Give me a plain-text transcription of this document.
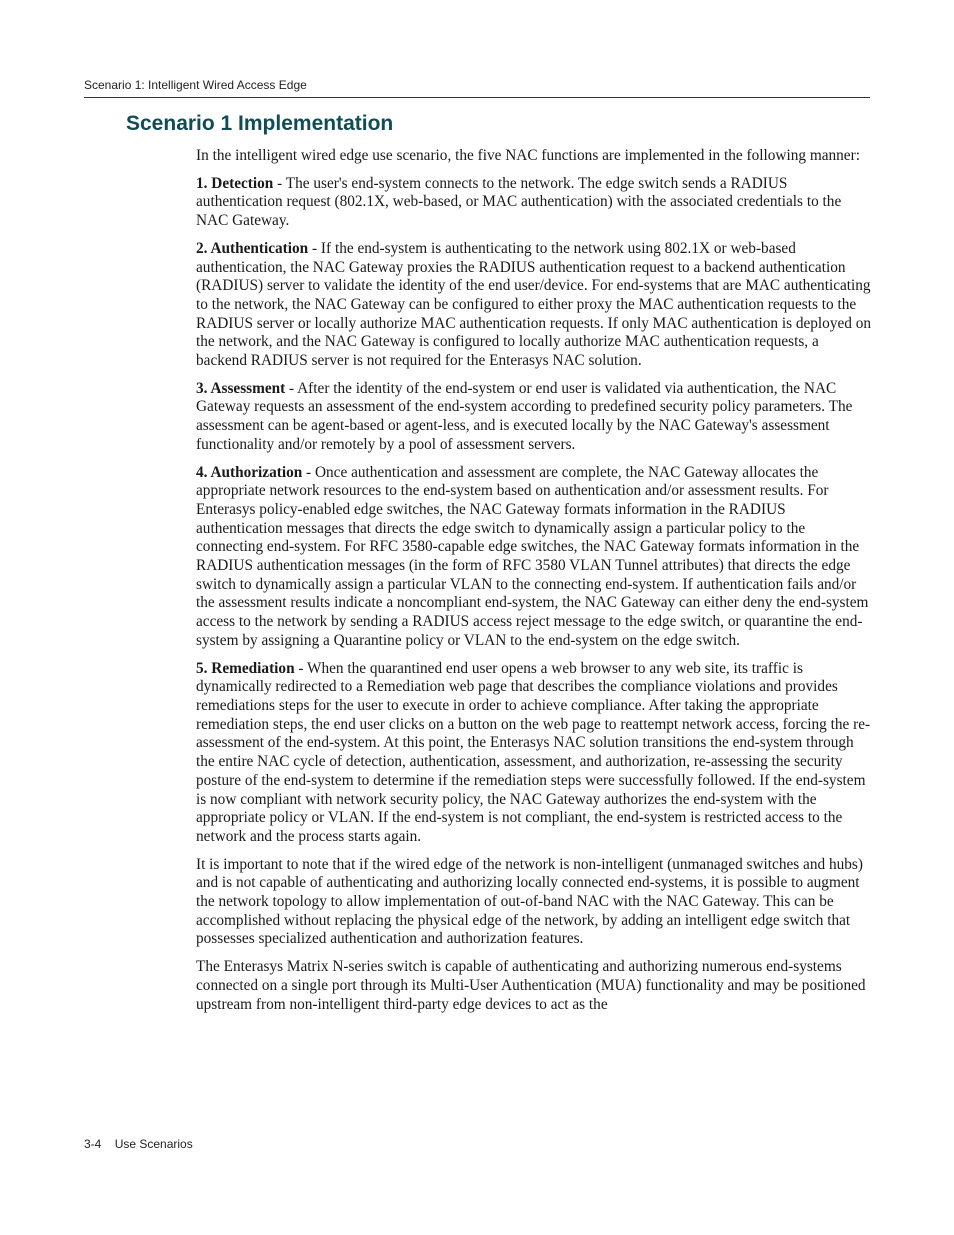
Scenario 1: Intelligent Wired Access Edge
Scenario 1 Implementation

In the intelligent wired edge use scenario, the five NAC functions are implemented in the following manner:

1. Detection - The user's end-system connects to the network. The edge switch sends a RADIUS authentication request (802.1X, web-based, or MAC authentication) with the associated credentials to the NAC Gateway.

2. Authentication - If the end-system is authenticating to the network using 802.1X or web-based authentication, the NAC Gateway proxies the RADIUS authentication request to a backend authentication (RADIUS) server to validate the identity of the end user/device. For end-systems that are MAC authenticating to the network, the NAC Gateway can be configured to either proxy the MAC authentication requests to the RADIUS server or locally authorize MAC authentication requests. If only MAC authentication is deployed on the network, and the NAC Gateway is configured to locally authorize MAC authentication requests, a backend RADIUS server is not required for the Enterasys NAC solution.

3. Assessment - After the identity of the end-system or end user is validated via authentication, the NAC Gateway requests an assessment of the end-system according to predefined security policy parameters. The assessment can be agent-based or agent-less, and is executed locally by the NAC Gateway's assessment functionality and/or remotely by a pool of assessment servers.

4. Authorization - Once authentication and assessment are complete, the NAC Gateway allocates the appropriate network resources to the end-system based on authentication and/or assessment results. For Enterasys policy-enabled edge switches, the NAC Gateway formats information in the RADIUS authentication messages that directs the edge switch to dynamically assign a particular policy to the connecting end-system. For RFC 3580-capable edge switches, the NAC Gateway formats information in the RADIUS authentication messages (in the form of RFC 3580 VLAN Tunnel attributes) that directs the edge switch to dynamically assign a particular VLAN to the connecting end-system. If authentication fails and/or the assessment results indicate a noncompliant end-system, the NAC Gateway can either deny the end-system access to the network by sending a RADIUS access reject message to the edge switch, or quarantine the end-system by assigning a Quarantine policy or VLAN to the end-system on the edge switch.

5. Remediation - When the quarantined end user opens a web browser to any web site, its traffic is dynamically redirected to a Remediation web page that describes the compliance violations and provides remediations steps for the user to execute in order to achieve compliance. After taking the appropriate remediation steps, the end user clicks on a button on the web page to reattempt network access, forcing the re-assessment of the end-system. At this point, the Enterasys NAC solution transitions the end-system through the entire NAC cycle of detection, authentication, assessment, and authorization, re-assessing the security posture of the end-system to determine if the remediation steps were successfully followed. If the end-system is now compliant with network security policy, the NAC Gateway authorizes the end-system with the appropriate policy or VLAN. If the end-system is not compliant, the end-system is restricted access to the network and the process starts again.

It is important to note that if the wired edge of the network is non-intelligent (unmanaged switches and hubs) and is not capable of authenticating and authorizing locally connected end-systems, it is possible to augment the network topology to allow implementation of out-of-band NAC with the NAC Gateway. This can be accomplished without replacing the physical edge of the network, by adding an intelligent edge switch that possesses specialized authentication and authorization features.

The Enterasys Matrix N-series switch is capable of authenticating and authorizing numerous end-systems connected on a single port through its Multi-User Authentication (MUA) functionality and may be positioned upstream from non-intelligent third-party edge devices to act as the

3-4 Use Scenarios
